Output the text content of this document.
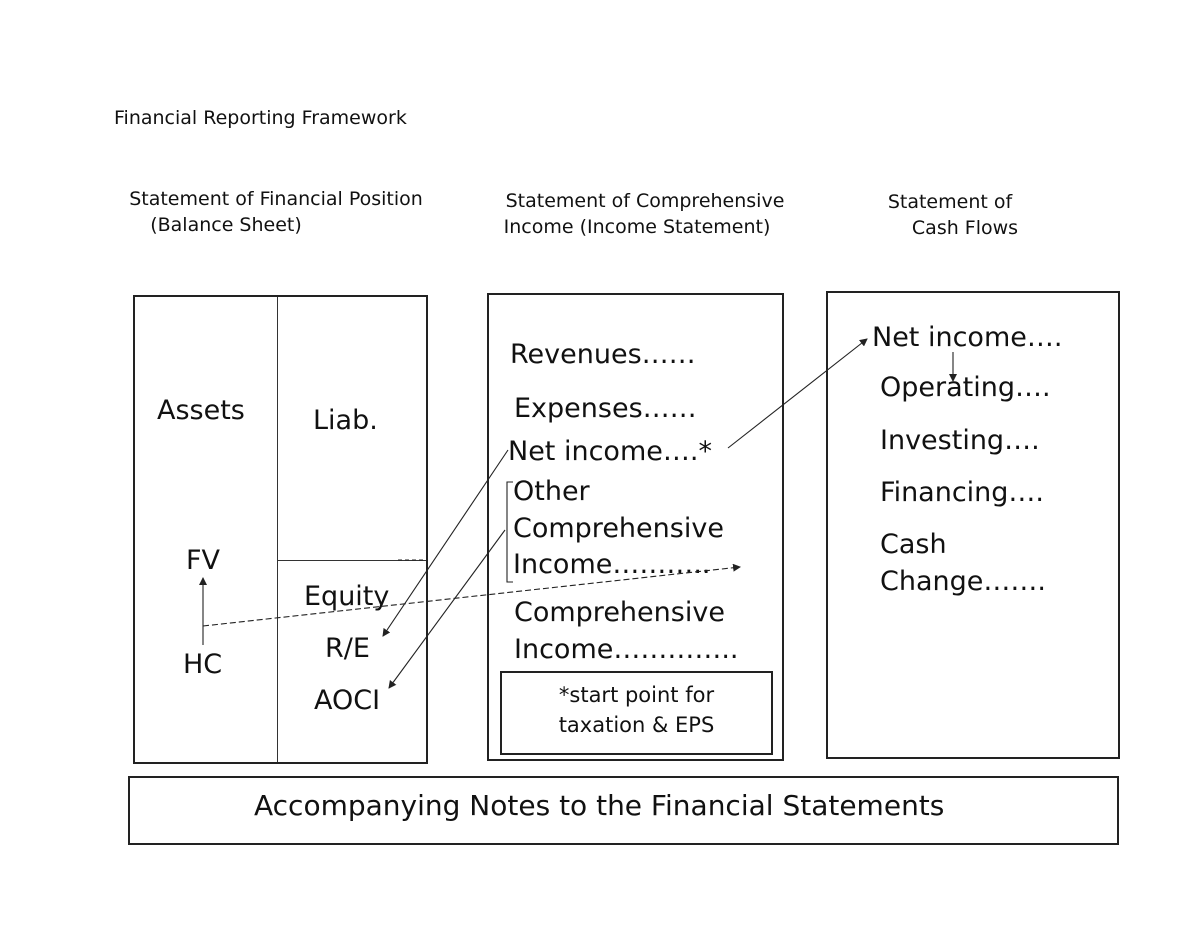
Financial Reporting Framework
Statement of Financial Position
(Balance Sheet)
Statement of Comprehensive
Income (Income Statement)
Statement of
Cash Flows
Assets	Liab.
FV
HC
Equity
R/E
AOCI
Revenues……
Expenses……
Net income….*
Other
Comprehensive
Income………..
Comprehensive
Income…………..
*start point for
taxation & EPS
Net income….
Operating….
Investing….
Financing….
Cash
Change…….
Accompanying Notes to the Financial Statements
